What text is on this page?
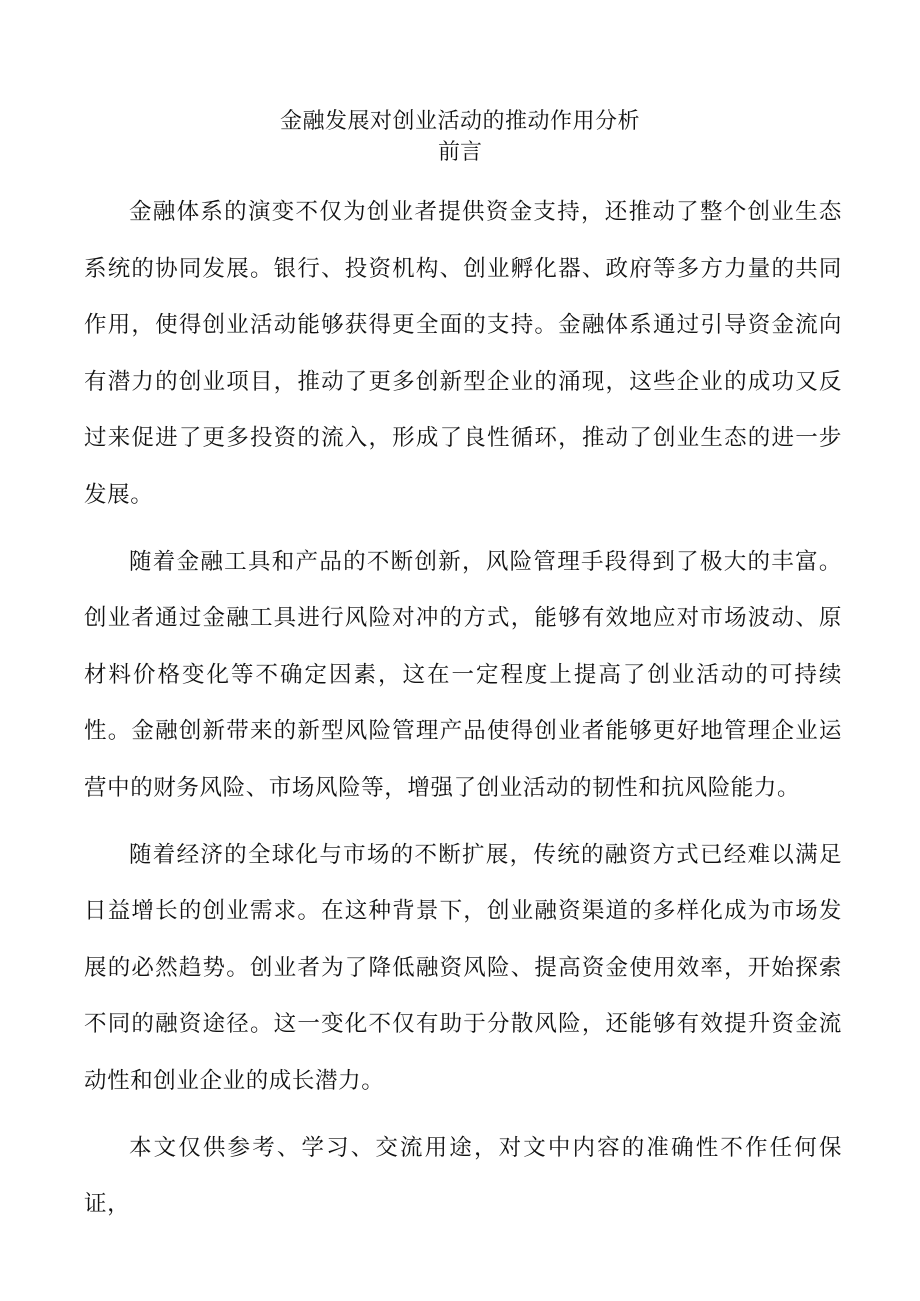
金融发展对创业活动的推动作用分析
前言

金融体系的演变不仅为创业者提供资金支持，还推动了整个创业生态系统的协同发展。银行、投资机构、创业孵化器、政府等多方力量的共同作用，使得创业活动能够获得更全面的支持。金融体系通过引导资金流向有潜力的创业项目，推动了更多创新型企业的涌现，这些企业的成功又反过来促进了更多投资的流入，形成了良性循环，推动了创业生态的进一步发展。

随着金融工具和产品的不断创新，风险管理手段得到了极大的丰富。创业者通过金融工具进行风险对冲的方式，能够有效地应对市场波动、原材料价格变化等不确定因素，这在一定程度上提高了创业活动的可持续性。金融创新带来的新型风险管理产品使得创业者能够更好地管理企业运营中的财务风险、市场风险等，增强了创业活动的韧性和抗风险能力。

随着经济的全球化与市场的不断扩展，传统的融资方式已经难以满足日益增长的创业需求。在这种背景下，创业融资渠道的多样化成为市场发展的必然趋势。创业者为了降低融资风险、提高资金使用效率，开始探索不同的融资途径。这一变化不仅有助于分散风险，还能够有效提升资金流动性和创业企业的成长潜力。

本文仅供参考、学习、交流用途，对文中内容的准确性不作任何保证，
